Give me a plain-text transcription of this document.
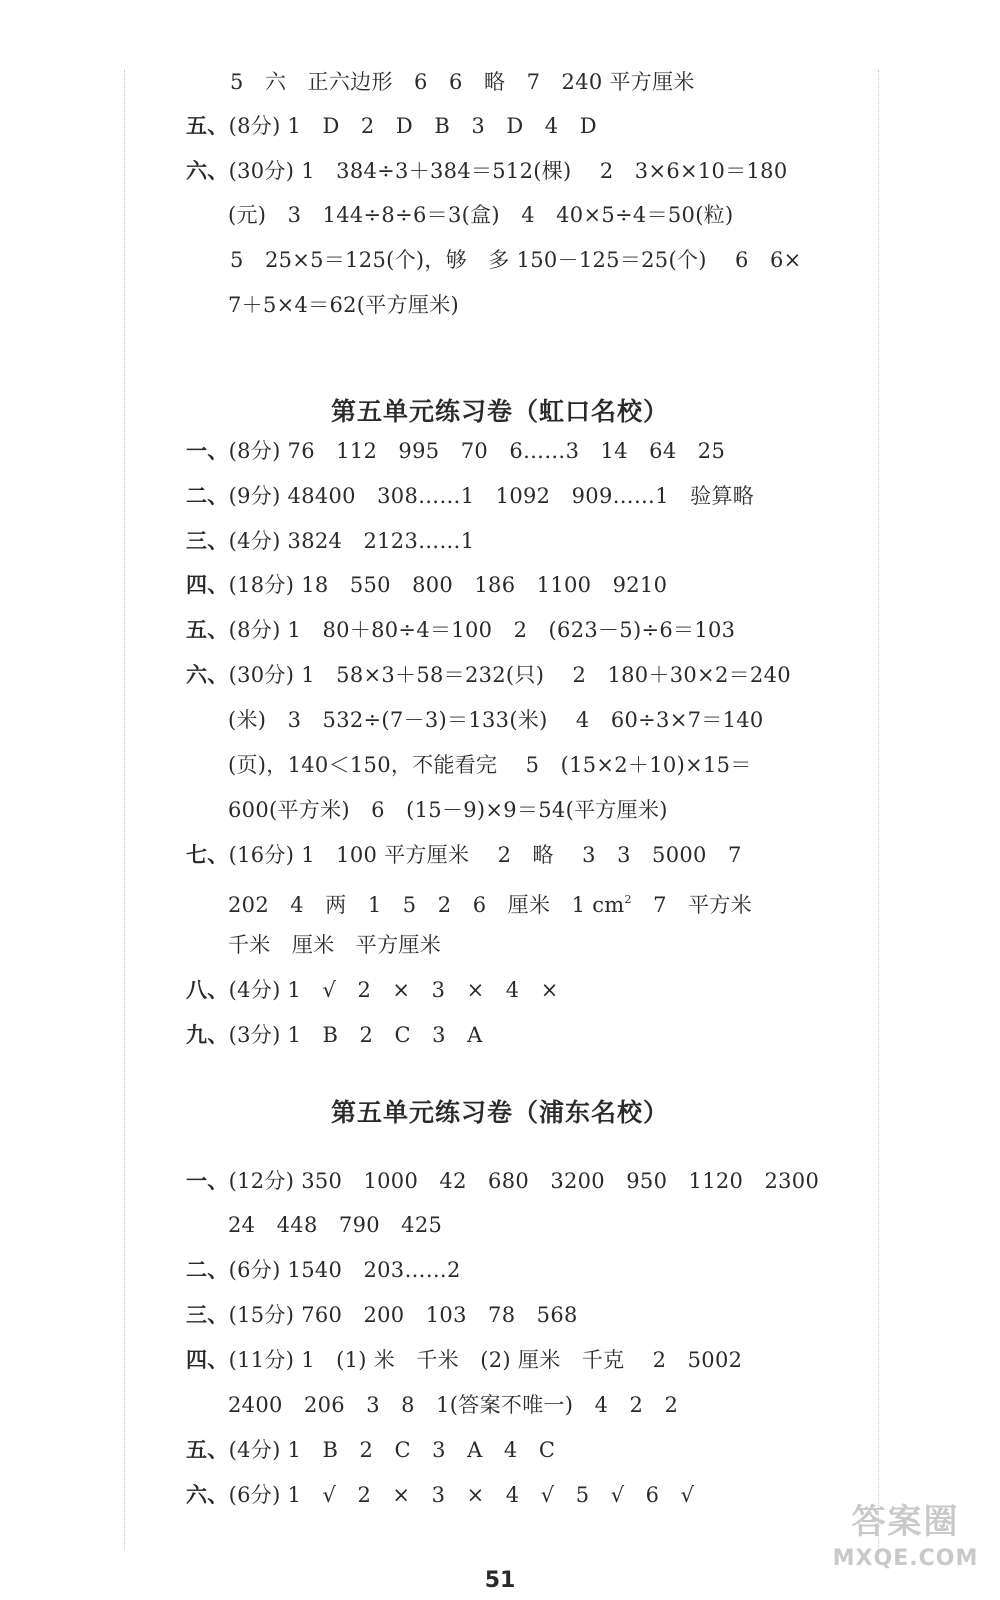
5　六　正六边形　6　6　略　7　240 平方厘米
五、(8分) 1　D　2　D　B　3　D　4　D
六、(30分) 1　384÷3＋384＝512(棵)　 2　3×6×10＝180
(元)　3　144÷8÷6＝3(盒)　4　40×5÷4＝50(粒)
5　25×5＝125(个)，够　多 150－125＝25(个)　 6　6×
7＋5×4＝62(平方厘米)
第五单元练习卷（虹口名校）
一、(8分) 76　112　995　70　6……3　14　64　25
二、(9分) 48400　308……1　1092　909……1　验算略
三、(4分) 3824　2123……1
四、(18分) 18　550　800　186　1100　9210
五、(8分) 1　80＋80÷4＝100　2　(623－5)÷6＝103
六、(30分) 1　58×3＋58＝232(只)　 2　180＋30×2＝240
(米)　3　532÷(7－3)＝133(米)　 4　60÷3×7＝140
(页)，140＜150，不能看完　 5　(15×2＋10)×15＝
600(平方米)　6　(15－9)×9＝54(平方厘米)
七、(16分) 1　100 平方厘米　 2　略　 3　3　5000　7
202　4　两　1　5　2　6　厘米　1 $cm^2$　7　平方米
千米　厘米　平方厘米
八、(4分) 1　√　2　×　3　×　4　×
九、(3分) 1　B　2　C　3　A
第五单元练习卷（浦东名校）
一、(12分) 350　1000　42　680　3200　950　1120　2300
24　448　790　425
二、(6分) 1540　203……2
三、(15分) 760　200　103　78　568
四、(11分) 1　(1) 米　千米　(2) 厘米　千克　 2　5002
2400　206　3　8　1(答案不唯一)　4　2　2
五、(4分) 1　B　2　C　3　A　4　C
六、(6分) 1　√　2　×　3　×　4　√　5　√　6　√
答案圈
MXQE.COM
51
